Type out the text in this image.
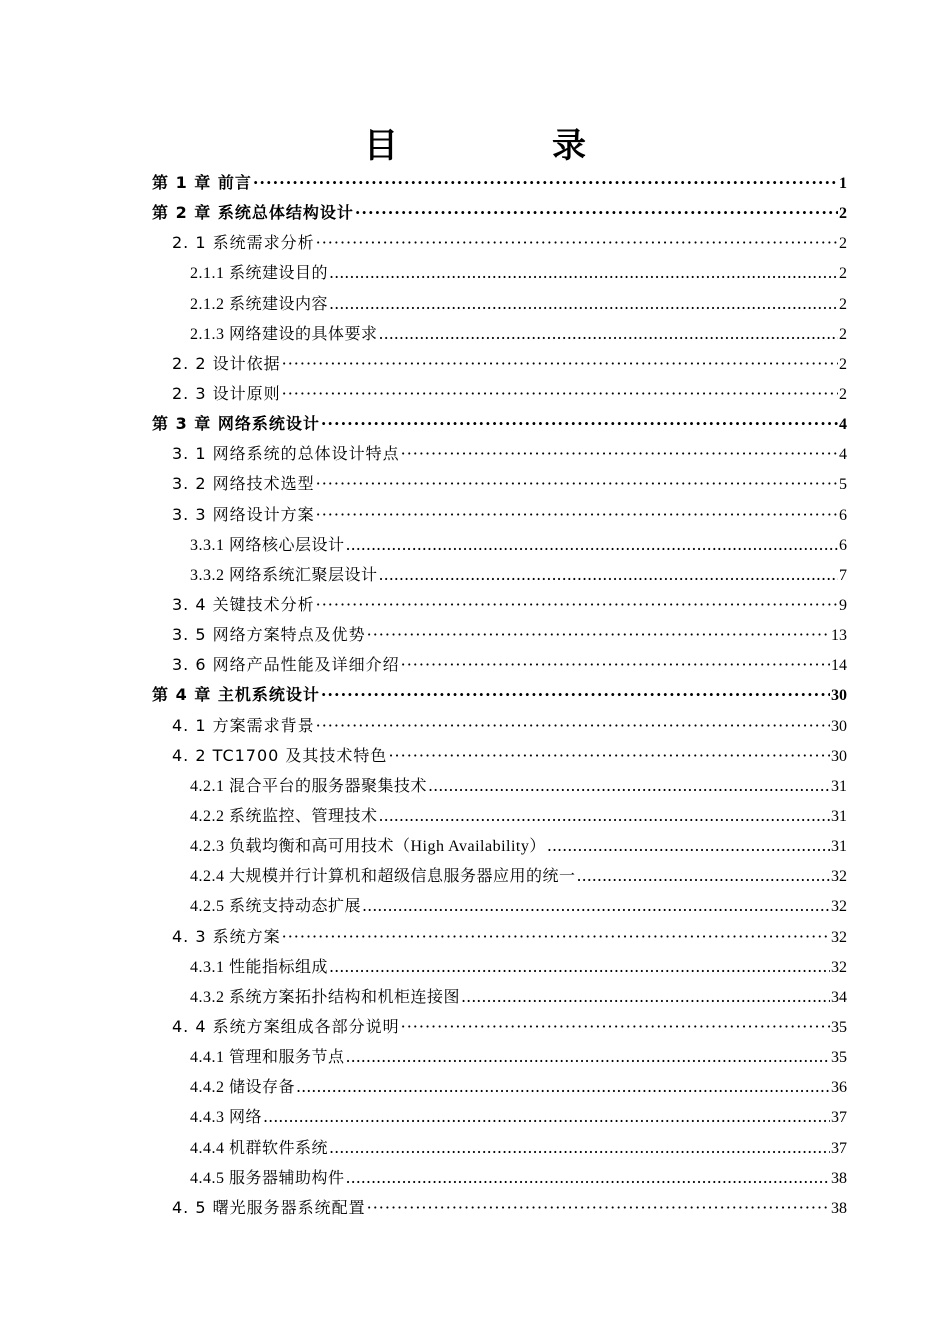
目　录
第 1 章 前言 ·····	1
第 2 章 系统总体结构设计 ·····	2
2. 1 系统需求分析 ·····	2
2.1.1 系统建设目的 .....	2
2.1.2 系统建设内容 .....	2
2.1.3 网络建设的具体要求 .....	2
2. 2 设计依据 ·····	2
2. 3 设计原则 ·····	2
第 3 章 网络系统设计 ·····	4
3. 1 网络系统的总体设计特点 ·····	4
3. 2 网络技术选型 ·····	5
3. 3 网络设计方案 ·····	6
3.3.1 网络核心层设计 .....	6
3.3.2 网络系统汇聚层设计 .....	7
3. 4 关键技术分析 ·····	9
3. 5 网络方案特点及优势 ·····	13
3. 6 网络产品性能及详细介绍 ·····	14
第 4 章 主机系统设计 ·····	30
4. 1 方案需求背景 ·····	30
4. 2 TC1700 及其技术特色 ·····	30
4.2.1 混合平台的服务器聚集技术 .....	31
4.2.2 系统监控、管理技术 .....	31
4.2.3 负载均衡和高可用技术（High Availability） .....	31
4.2.4 大规模并行计算机和超级信息服务器应用的统一 .....	32
4.2.5 系统支持动态扩展 .....	32
4. 3 系统方案 ·····	32
4.3.1 性能指标组成 .....	32
4.3.2 系统方案拓扑结构和机柜连接图 .....	34
4. 4 系统方案组成各部分说明 ·····	35
4.4.1 管理和服务节点 .....	35
4.4.2 储设存备 .....	36
4.4.3 网络 .....	37
4.4.4 机群软件系统 .....	37
4.4.5 服务器辅助构件 .....	38
4. 5 曙光服务器系统配置 ·····	38
